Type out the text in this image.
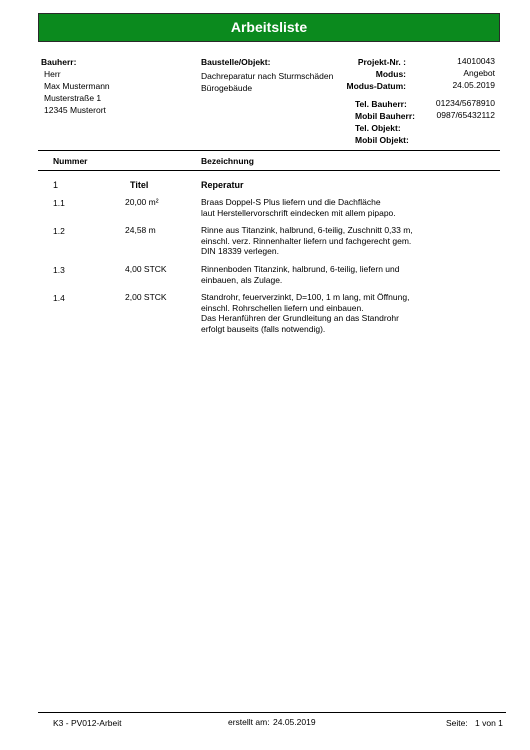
Arbeitsliste
Bauherr:
Herr
Max Mustermann
Musterstraße 1
12345 Musterort
Baustelle/Objekt:
Dachreparatur nach Sturmschäden
Bürogebäude
Projekt-Nr. :	14010043
Modus:	Angebot
Modus-Datum:	24.05.2019
Tel. Bauherr:	01234/5678910
Mobil Bauherr:	0987/65432112
Tel. Objekt:
Mobil Objekt:
Nummer	Bezeichnung
1	Titel	Reperatur
1.1	20,00 m²	Braas Doppel-S Plus liefern und die Dachfläche
laut Herstellervorschrift eindecken mit allem pipapo.
1.2	24,58 m	Rinne aus Titanzink, halbrund, 6-teilig, Zuschnitt 0,33 m,
einschl. verz. Rinnenhalter liefern und fachgerecht gem.
DIN 18339 verlegen.
1.3	4,00 STCK	Rinnenboden Titanzink, halbrund, 6-teilig, liefern und
einbauen, als Zulage.
1.4	2,00 STCK	Standrohr, feuerverzinkt, D=100, 1 m lang, mit Öffnung,
einschl. Rohrschellen liefern und einbauen.
Das Heranführen der Grundleitung an das Standrohr
erfolgt bauseits (falls notwendig).
K3 - PV012-Arbeit	erstellt am: 24.05.2019	Seite: 1 von 1
